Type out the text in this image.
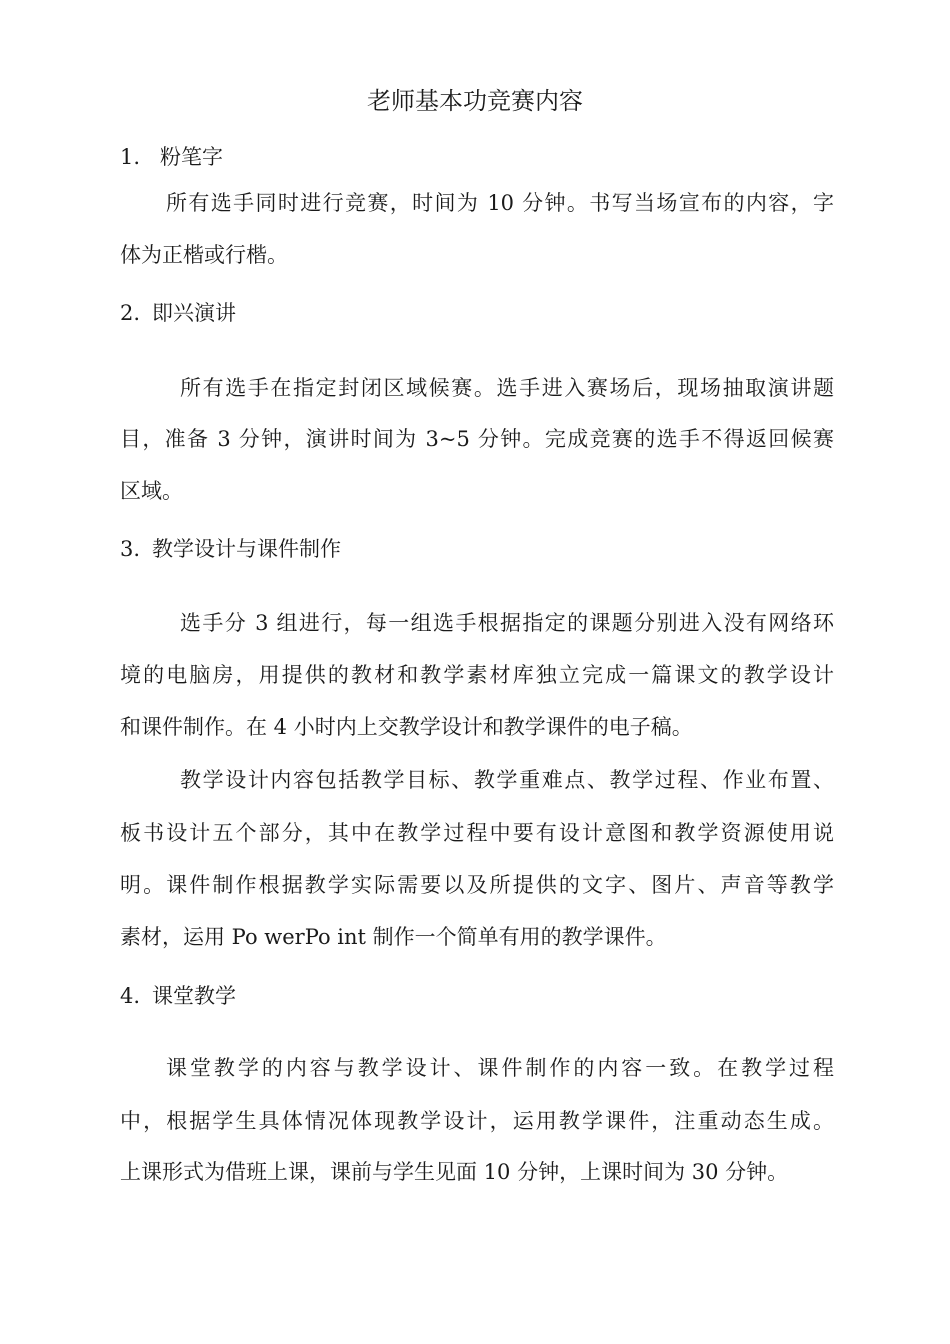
老师基本功竞赛内容
1. 粉笔字
所有选手同时进行竞赛，时间为 10 分钟。书写当场宣布的内容，字
体为正楷或行楷。
2. 即兴演讲
所有选手在指定封闭区域候赛。选手进入赛场后，现场抽取演讲题
目，准备 3 分钟，演讲时间为 3~5 分钟。完成竞赛的选手不得返回候赛
区域。
3. 教学设计与课件制作
选手分 3 组进行，每一组选手根据指定的课题分别进入没有网络环
境的电脑房，用提供的教材和教学素材库独立完成一篇课文的教学设计
和课件制作。在 4 小时内上交教学设计和教学课件的电子稿。
教学设计内容包括教学目标、教学重难点、教学过程、作业布置、
板书设计五个部分，其中在教学过程中要有设计意图和教学资源使用说
明。课件制作根据教学实际需要以及所提供的文字、图片、声音等教学
素材，运用 Po werPo int 制作一个简单有用的教学课件。
4. 课堂教学
课堂教学的内容与教学设计、课件制作的内容一致。在教学过程
中，根据学生具体情况体现教学设计，运用教学课件，注重动态生成。
上课形式为借班上课，课前与学生见面 10 分钟，上课时间为 30 分钟。
